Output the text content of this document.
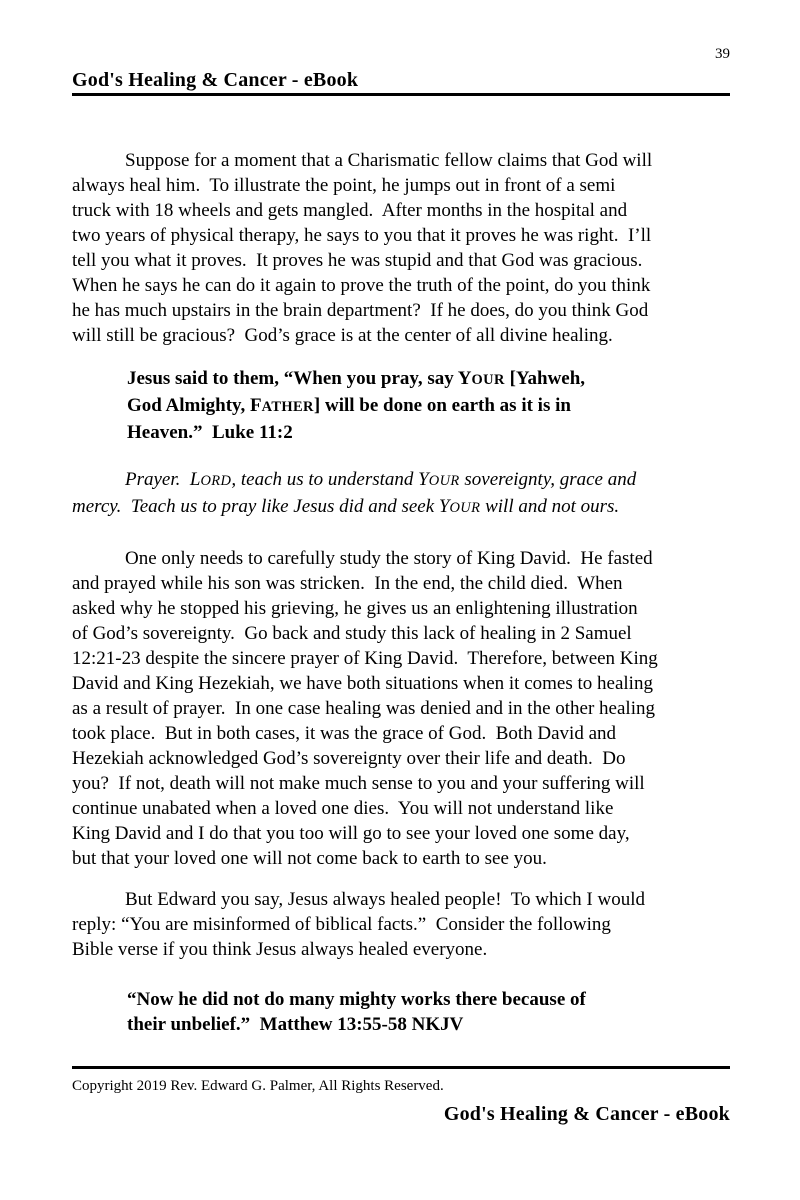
39
God's Healing & Cancer - eBook
Suppose for a moment that a Charismatic fellow claims that God will
always heal him.  To illustrate the point, he jumps out in front of a semi
truck with 18 wheels and gets mangled.  After months in the hospital and
two years of physical therapy, he says to you that it proves he was right.  I’ll
tell you what it proves.  It proves he was stupid and that God was gracious.
When he says he can do it again to prove the truth of the point, do you think
he has much upstairs in the brain department?  If he does, do you think God
will still be gracious?  God’s grace is at the center of all divine healing.
Jesus said to them, “When you pray, say YOUR [Yahweh,
God Almighty, FATHER] will be done on earth as it is in
Heaven.”  Luke 11:2
Prayer.  LORD, teach us to understand YOUR sovereignty, grace and
mercy.  Teach us to pray like Jesus did and seek YOUR will and not ours.
One only needs to carefully study the story of King David.  He fasted
and prayed while his son was stricken.  In the end, the child died.  When
asked why he stopped his grieving, he gives us an enlightening illustration
of God’s sovereignty.  Go back and study this lack of healing in 2 Samuel
12:21-23 despite the sincere prayer of King David.  Therefore, between King
David and King Hezekiah, we have both situations when it comes to healing
as a result of prayer.  In one case healing was denied and in the other healing
took place.  But in both cases, it was the grace of God.  Both David and
Hezekiah acknowledged God’s sovereignty over their life and death.  Do
you?  If not, death will not make much sense to you and your suffering will
continue unabated when a loved one dies.  You will not understand like
King David and I do that you too will go to see your loved one some day,
but that your loved one will not come back to earth to see you.
But Edward you say, Jesus always healed people!  To which I would
reply: “You are misinformed of biblical facts.”  Consider the following
Bible verse if you think Jesus always healed everyone.
“Now he did not do many mighty works there because of
their unbelief.”  Matthew 13:55-58 NKJV
Copyright 2019 Rev. Edward G. Palmer, All Rights Reserved.
God's Healing & Cancer - eBook
